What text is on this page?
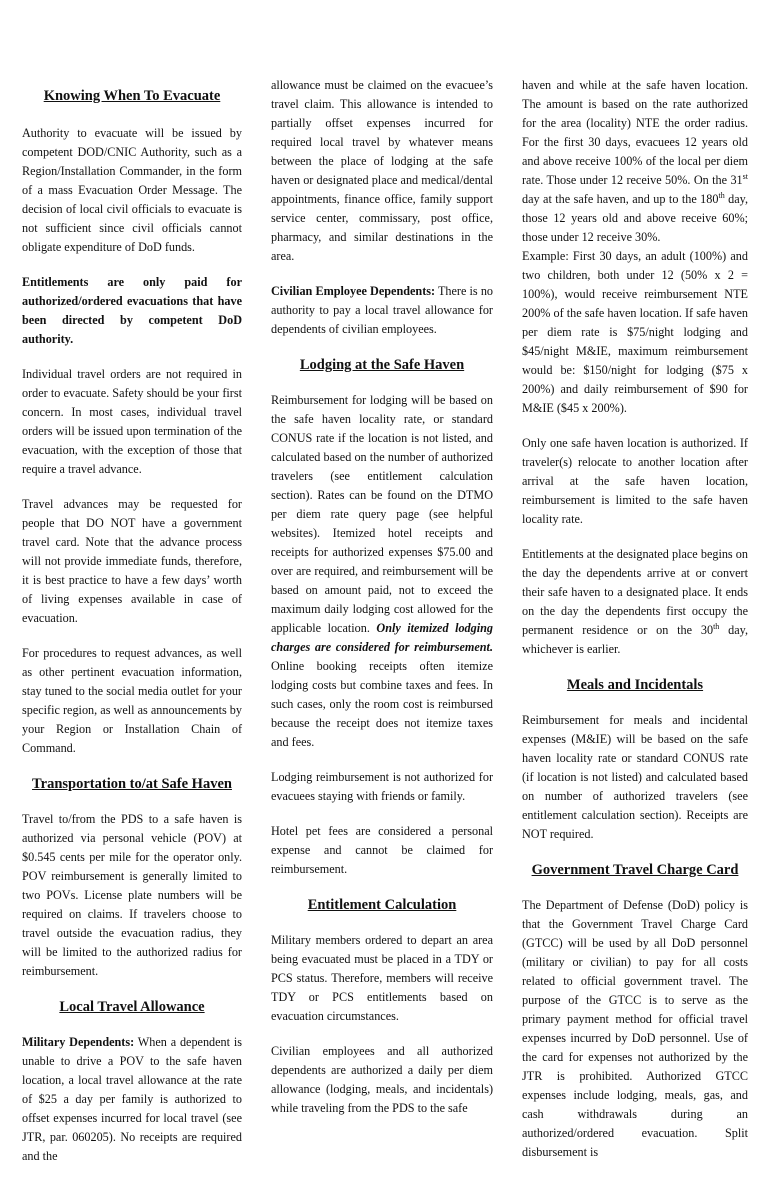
Knowing When To Evacuate

Authority to evacuate will be issued by competent DOD/CNIC Authority, such as a Region/Installation Commander, in the form of a mass Evacuation Order Message. The decision of local civil officials to evacuate is not sufficient since civil officials cannot obligate expenditure of DoD funds.

Entitlements are only paid for authorized/ordered evacuations that have been directed by competent DoD authority.

Individual travel orders are not required in order to evacuate. Safety should be your first concern. In most cases, individual travel orders will be issued upon termination of the evacuation, with the exception of those that require a travel advance.

Travel advances may be requested for people that DO NOT have a government travel card. Note that the advance process will not provide immediate funds, therefore, it is best practice to have a few days’ worth of living expenses available in case of evacuation.

For procedures to request advances, as well as other pertinent evacuation information, stay tuned to the social media outlet for your specific region, as well as announcements by your Region or Installation Chain of Command.

Transportation to/at Safe Haven

Travel to/from the PDS to a safe haven is authorized via personal vehicle (POV) at $0.545 cents per mile for the operator only. POV reimbursement is generally limited to two POVs. License plate numbers will be required on claims. If travelers choose to travel outside the evacuation radius, they will be limited to the authorized radius for reimbursement.

Local Travel Allowance

Military Dependents: When a dependent is unable to drive a POV to the safe haven location, a local travel allowance at the rate of $25 a day per family is authorized to offset expenses incurred for local travel (see JTR, par. 060205). No receipts are required and the

allowance must be claimed on the evacuee’s travel claim. This allowance is intended to partially offset expenses incurred for required local travel by whatever means between the place of lodging at the safe haven or designated place and medical/dental appointments, finance office, family support service center, commissary, post office, pharmacy, and similar destinations in the area.

Civilian Employee Dependents: There is no authority to pay a local travel allowance for dependents of civilian employees.

Lodging at the Safe Haven

Reimbursement for lodging will be based on the safe haven locality rate, or standard CONUS rate if the location is not listed, and calculated based on the number of authorized travelers (see entitlement calculation section). Rates can be found on the DTMO per diem rate query page (see helpful websites). Itemized hotel receipts and receipts for authorized expenses $75.00 and over are required, and reimbursement will be based on amount paid, not to exceed the maximum daily lodging cost allowed for the applicable location. Only itemized lodging charges are considered for reimbursement. Online booking receipts often itemize lodging costs but combine taxes and fees. In such cases, only the room cost is reimbursed because the receipt does not itemize taxes and fees.

Lodging reimbursement is not authorized for evacuees staying with friends or family.

Hotel pet fees are considered a personal expense and cannot be claimed for reimbursement.

Entitlement Calculation

Military members ordered to depart an area being evacuated must be placed in a TDY or PCS status. Therefore, members will receive TDY or PCS entitlements based on evacuation circumstances.

Civilian employees and all authorized dependents are authorized a daily per diem allowance (lodging, meals, and incidentals) while traveling from the PDS to the safe

haven and while at the safe haven location. The amount is based on the rate authorized for the area (locality) NTE the order radius. For the first 30 days, evacuees 12 years old and above receive 100% of the local per diem rate. Those under 12 receive 50%. On the 31st day at the safe haven, and up to the 180th day, those 12 years old and above receive 60%; those under 12 receive 30%.
Example: First 30 days, an adult (100%) and two children, both under 12 (50% x 2 = 100%), would receive reimbursement NTE 200% of the safe haven location. If safe haven per diem rate is $75/night lodging and $45/night M&IE, maximum reimbursement would be: $150/night for lodging ($75 x 200%) and daily reimbursement of $90 for M&IE ($45 x 200%).

Only one safe haven location is authorized. If traveler(s) relocate to another location after arrival at the safe haven location, reimbursement is limited to the safe haven locality rate.

Entitlements at the designated place begins on the day the dependents arrive at or convert their safe haven to a designated place. It ends on the day the dependents first occupy the permanent residence or on the 30th day, whichever is earlier.

Meals and Incidentals

Reimbursement for meals and incidental expenses (M&IE) will be based on the safe haven locality rate or standard CONUS rate (if location is not listed) and calculated based on number of authorized travelers (see entitlement calculation section). Receipts are NOT required.

Government Travel Charge Card

The Department of Defense (DoD) policy is that the Government Travel Charge Card (GTCC) will be used by all DoD personnel (military or civilian) to pay for all costs related to official government travel. The purpose of the GTCC is to serve as the primary payment method for official travel expenses incurred by DoD personnel. Use of the card for expenses not authorized by the JTR is prohibited. Authorized GTCC expenses include lodging, meals, gas, and cash withdrawals during an authorized/ordered evacuation. Split disbursement is
